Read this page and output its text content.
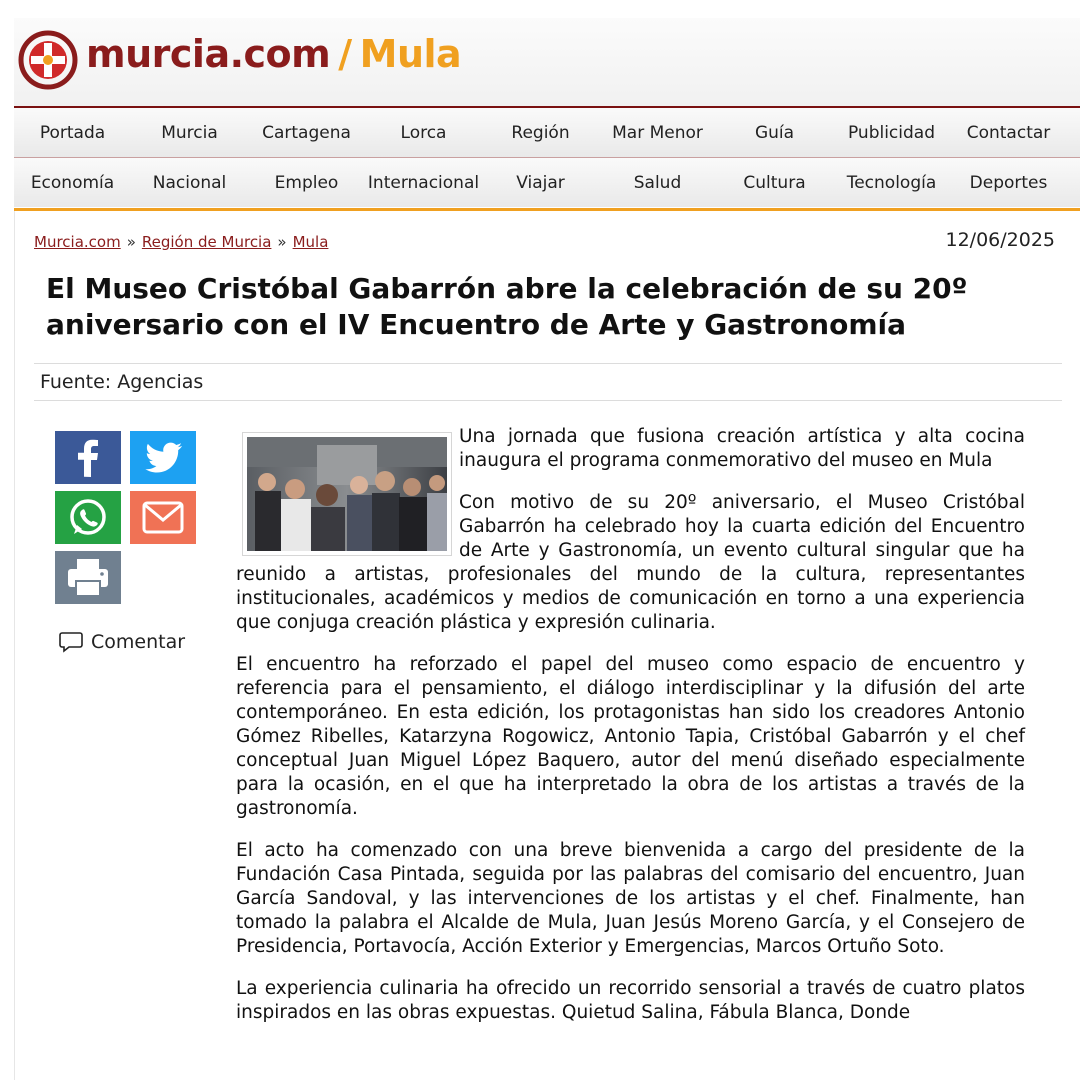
murcia.com / Mula
Portada	Murcia	Cartagena	Lorca	Región	Mar Menor	Guía	Publicidad	Contactar
Economía	Nacional	Empleo	Internacional	Viajar	Salud	Cultura	Tecnología	Deportes
Murcia.com » Región de Murcia » Mula	12/06/2025
El Museo Cristóbal Gabarrón abre la celebración de su 20º aniversario con el IV Encuentro de Arte y Gastronomía
Fuente: Agencias
Comentar

Una jornada que fusiona creación artística y alta cocina inaugura el programa conmemorativo del museo en Mula

Con motivo de su 20º aniversario, el Museo Cristóbal Gabarrón ha celebrado hoy la cuarta edición del Encuentro de Arte y Gastronomía, un evento cultural singular que ha reunido a artistas, profesionales del mundo de la cultura, representantes institucionales, académicos y medios de comunicación en torno a una experiencia que conjuga creación plástica y expresión culinaria.

El encuentro ha reforzado el papel del museo como espacio de encuentro y referencia para el pensamiento, el diálogo interdisciplinar y la difusión del arte contemporáneo. En esta edición, los protagonistas han sido los creadores Antonio Gómez Ribelles, Katarzyna Rogowicz, Antonio Tapia, Cristóbal Gabarrón y el chef conceptual Juan Miguel López Baquero, autor del menú diseñado especialmente para la ocasión, en el que ha interpretado la obra de los artistas a través de la gastronomía.

El acto ha comenzado con una breve bienvenida a cargo del presidente de la Fundación Casa Pintada, seguida por las palabras del comisario del encuentro, Juan García Sandoval, y las intervenciones de los artistas y el chef. Finalmente, han tomado la palabra el Alcalde de Mula, Juan Jesús Moreno García, y el Consejero de Presidencia, Portavocía, Acción Exterior y Emergencias, Marcos Ortuño Soto.

La experiencia culinaria ha ofrecido un recorrido sensorial a través de cuatro platos inspirados en las obras expuestas. Quietud Salina, Fábula Blanca, Donde
